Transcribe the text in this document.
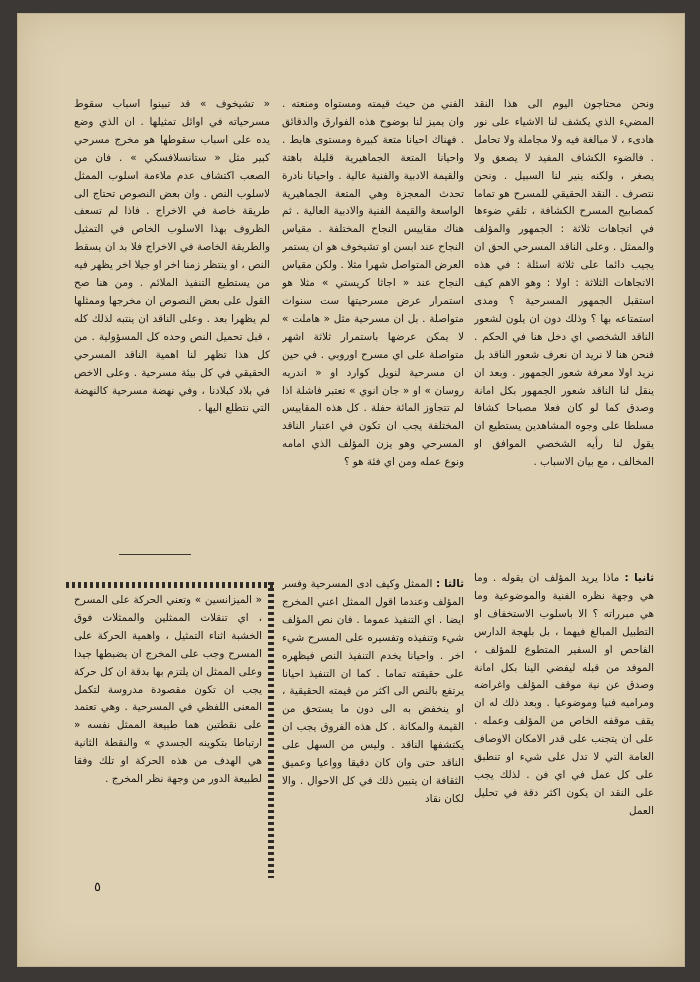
ونحن محتاجون اليوم الى هذا النقد المضيء الذي يكشف لنا الاشياء على نور هادىء ، لا مبالغة فيه ولا مجاملة ولا تحامل . فالضوء الكشاف المفيد لا يصعق ولا يصغر ، ولكنه ينير لنا السبيل . ونحن نتصرف . النقد الحقيقي للمسرح هو تماما كمصابيح المسرح الكشافة ، تلقي ضوءها في اتجاهات ثلاثة : الجمهور والمؤلف والممثل . وعلى الناقد المسرحي الحق ان يجيب دائما على ثلاثة اسئلة : في هذه الاتجاهات الثلاثة : اولا : وهو الاهم كيف استقبل الجمهور المسرحية ؟ ومدى استمتاعه بها ؟ وذلك دون ان يلون لشعور الناقد الشخصي اي دخل هنا في الحكم . فنحن هنا لا نريد ان نعرف شعور الناقد بل نريد اولا معرفة شعور الجمهور . وبعد ان ينقل لنا الناقد شعور الجمهور بكل امانة وصدق كما لو كان فعلا مصباحا كشافا مسلطا على وجوه المشاهدين يستطيع ان يقول لنا رأيه الشخصي الموافق او المخالف ، مع بيان الاسباب .

ثانيا : ماذا يريد المؤلف ان يقوله . وما هي وجهة نظره الفنية والموضوعية وما هي مبرراته ؟ الا باسلوب الاستخفاف او التطبيل المبالغ فيهما ، بل بلهجة الدارس الفاحص او السفير المتطوع للمؤلف ، الموفد من قبله ليفضي الينا بكل امانة وصدق عن نية موقف المؤلف واغراضه ومراميه فنيا وموضوعيا . وبعد ذلك له ان يقف موقفه الخاص من المؤلف وعمله . على ان يتجنب على قدر الامكان الاوصاف العامة التي لا تدل على شيء او تنطبق على كل عمل في اي فن . لذلك يجب على النقد ان يكون اكثر دقة في تحليل العمل

الفني من حيث قيمته ومستواه ومنعته . وان يميز لنا بوضوح هذه الفوارق والدقائق . فهناك احيانا متعة كبيرة ومستوى هابط . واحيانا المتعة الجماهيرية قليلة باهتة والقيمة الادبية والفنية عالية . واحيانا نادرة تحدث المعجزة وهي المتعة الجماهيرية الواسعة والقيمة الفنية والادبية العالية . ثم هناك مقاييس النجاح المختلفة . مقياس النجاح عند ابسن او تشيخوف هو ان يستمر العرض المتواصل شهرا مثلا . ولكن مقياس النجاح عند « اجاثا كريستي » مثلا هو استمرار عرض مسرحيتها ست سنوات متواصلة . بل ان مسرحية مثل « هاملت » لا يمكن عرضها باستمرار ثلاثة اشهر متواصلة على اي مسرح اوروبي . في حين ان مسرحية لنويل كوارد او « اندريه روسان » او « جان انوي » تعتبر فاشلة اذا لم تتجاوز المائة حفلة . كل هذه المقاييس المختلفة يجب ان تكون في اعتبار الناقد المسرحي وهو يزن المؤلف الذي امامه ونوع عمله ومن اي فئة هو ؟

ثالثا : الممثل وكيف ادى المسرحية وفسر المؤلف وعندما اقول الممثل اعني المخرج ايضا . اي التنفيذ عموما . فان نص المؤلف شيء وتنفيذه وتفسيره على المسرح شيء اخر . واحيانا يخدم التنفيذ النص فيظهره على حقيقته تماما . كما ان التنفيذ احيانا يرتفع بالنص الى اكثر من قيمته الحقيقية ، او ينخفض به الى دون ما يستحق من القيمة والمكانة . كل هذه الفروق يجب ان يكتشفها الناقد . وليس من السهل على الناقد حتى وان كان دقيقا وواعيا وعميق الثقافة ان يتبين ذلك في كل الاحوال . والا لكان نقاد

« تشيخوف » قد تبينوا اسباب سقوط مسرحياته في اوائل تمثيلها . ان الذي وضع يده على اسباب سقوطها هو مخرج مسرحي كبير مثل « ستانسلافسكي » . فان من الصعب اكتشاف عدم ملاءمة اسلوب الممثل لاسلوب النص . وان بعض النصوص تحتاج الى طريقة خاصة في الاخراج . فاذا لم تسعف الظروف بهذا الاسلوب الخاص في التمثيل والطريقة الخاصة في الاخراج فلا بد ان يسقط النص ، او ينتظر زمنا اخر او جيلا اخر يظهر فيه من يستطيع التنفيذ الملائم . ومن هنا صح القول على بعض النصوص ان مخرجها وممثلها لم يظهرا بعد . وعلى الناقد ان ينتبه لذلك كله ، قبل تحميل النص وحده كل المسؤولية . من كل هذا تظهر لنا اهمية الناقد المسرحي الحقيقي في كل بيئة مسرحية . وعلى الاخص في بلاد كبلادنا ، وفي نهضة مسرحية كالنهضة التي نتطلع اليها .

« الميزانسين » وتعني الحركة على المسرح ، اي تنقلات الممثلين والممثلات فوق الخشبة اثناء التمثيل ، واهمية الحركة على المسرح وجب على المخرج ان يضبطها جيدا وعلى الممثل ان يلتزم بها بدقة ان كل حركة يجب ان تكون مقصودة مدروسة لتكمل المعنى اللفظي في المسرحية . وهي تعتمد على نقطتين هما طبيعة الممثل نفسه « ارتباطا بتكوينه الجسدي » والنقطة الثانية هي الهدف من هذه الحركة او تلك وفقا لطبيعة الدور من وجهة نظر المخرج .

٥
